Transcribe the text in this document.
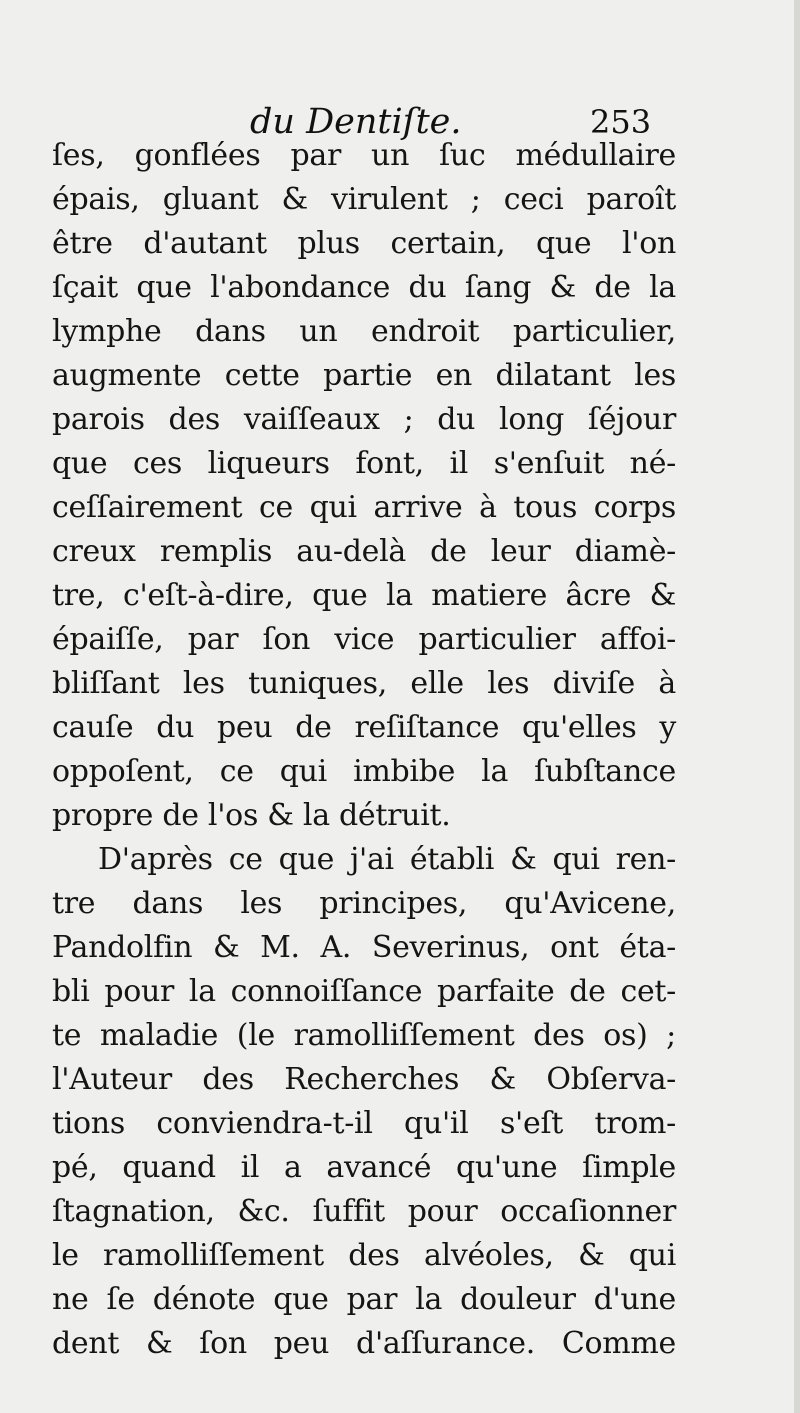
du Dentiſte.	253
ſes, gonflées par un ſuc médullaire
épais, gluant & virulent ; ceci paroît
être d'autant plus certain, que l'on
ſçait que l'abondance du ſang & de la
lymphe dans un endroit particulier,
augmente cette partie en dilatant les
parois des vaiſſeaux ; du long ſéjour
que ces liqueurs font, il s'enſuit né-
ceſſairement ce qui arrive à tous corps
creux remplis au-delà de leur diamè-
tre, c'eſt-à-dire, que la matiere âcre &
épaiſſe, par ſon vice particulier affoi-
bliſſant les tuniques, elle les diviſe à
cauſe du peu de reſiſtance qu'elles y
oppoſent, ce qui imbibe la ſubſtance
propre de l'os & la détruit.
D'après ce que j'ai établi & qui ren-
tre dans les principes, qu'Avicene,
Pandolfin & M. A. Severinus, ont éta-
bli pour la connoiſſance parfaite de cet-
te maladie (le ramolliſſement des os) ;
l'Auteur des Recherches & Obſerva-
tions conviendra-t-il qu'il s'eſt trom-
pé, quand il a avancé qu'une ſimple
ſtagnation, &c. ſuffit pour occaſionner
le ramolliſſement des alvéoles, & qui
ne ſe dénote que par la douleur d'une
dent & ſon peu d'aſſurance. Comme
